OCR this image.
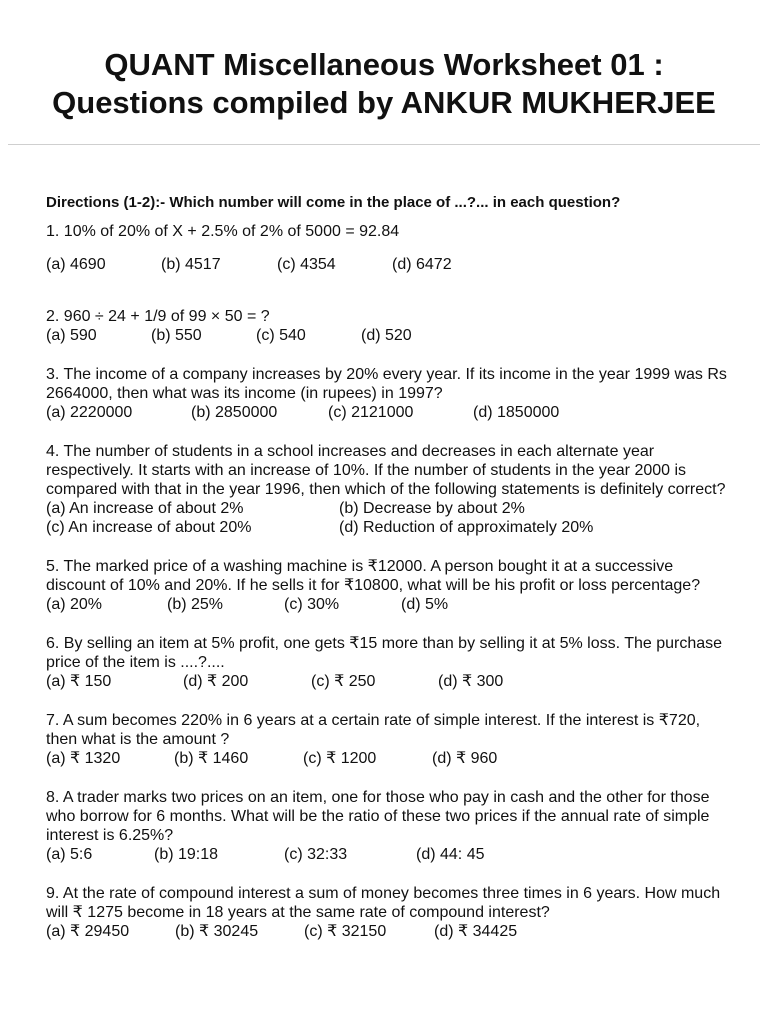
QUANT Miscellaneous Worksheet 01 :
Questions compiled by ANKUR MUKHERJEE

Directions (1-2):- Which number will come in the place of ...?... in each question?

1. 10% of 20% of X + 2.5% of 2% of 5000 = 92.84
(a) 4690	(b) 4517	(c) 4354	(d) 6472
2. 960 ÷ 24 + 1/9 of 99 × 50 = ?
(a) 590	(b) 550	(c) 540	(d) 520
3. The income of a company increases by 20% every year. If its income in the year 1999 was Rs 2664000, then what was its income (in rupees) in 1997?
(a) 2220000	(b) 2850000	(c) 2121000	(d) 1850000
4. The number of students in a school increases and decreases in each alternate year respectively. It starts with an increase of 10%. If the number of students in the year 2000 is compared with that in the year 1996, then which of the following statements is definitely correct?
(a) An increase of about 2%	(b) Decrease by about 2%
(c) An increase of about 20%	(d) Reduction of approximately 20%
5. The marked price of a washing machine is ₹12000. A person bought it at a successive discount of 10% and 20%. If he sells it for ₹10800, what will be his profit or loss percentage?
(a) 20%	(b) 25%	(c) 30%	(d) 5%
6. By selling an item at 5% profit, one gets ₹15 more than by selling it at 5% loss. The purchase price of the item is ....?....
(a) ₹ 150	(d) ₹ 200	(c) ₹ 250	(d) ₹ 300
7. A sum becomes 220% in 6 years at a certain rate of simple interest. If the interest is ₹720, then what is the amount ?
(a) ₹ 1320	(b) ₹ 1460	(c) ₹ 1200	(d) ₹ 960
8. A trader marks two prices on an item, one for those who pay in cash and the other for those who borrow for 6 months. What will be the ratio of these two prices if the annual rate of simple interest is 6.25%?
(a) 5:6	(b) 19:18	(c) 32:33	(d) 44: 45
9. At the rate of compound interest a sum of money becomes three times in 6 years. How much will ₹ 1275 become in 18 years at the same rate of compound interest?
(a) ₹ 29450	(b) ₹ 30245	(c) ₹ 32150	(d) ₹ 34425
